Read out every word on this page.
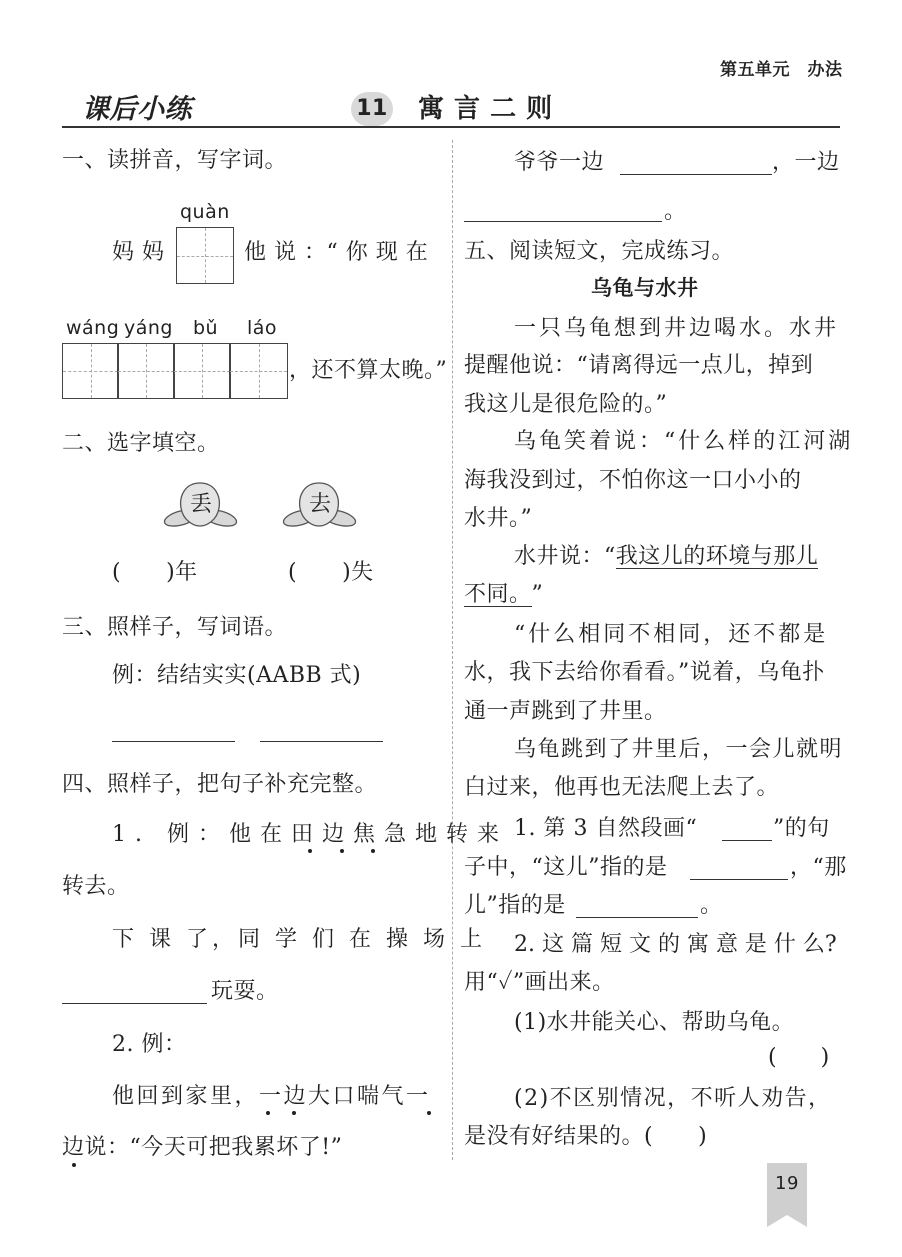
第五单元　办法
课后小练	11 寓 言 二 则
一、读拼音，写字词。
quàn
妈 妈	他 说 ：“ 你 现 在
wáng yáng bǔ láo
，还不算太晚。”
二、选字填空。
丢	去
(　　)年	(　　)失
三、照样子，写词语。
例：结结实实(AABB 式)
四、照样子，把句子补充完整。
1. 例：他在田边焦急地转来
转去。
下 课 了，同 学 们 在 操 场 上
玩耍。
2. 例：
他回到家里，一边大口喘气一
边说：“今天可把我累坏了!”
爷爷一边	，一边
。
五、阅读短文，完成练习。
乌龟与水井
一只乌龟想到井边喝水。水井
提醒他说：“请离得远一点儿，掉到
我这儿是很危险的。”
乌龟笑着说：“什么样的江河湖
海我没到过，不怕你这一口小小的
水井。”
水井说：“我这儿的环境与那儿
不同。”
“什么相同不相同，还不都是
水，我下去给你看看。”说着，乌龟扑
通一声跳到了井里。
乌龟跳到了井里后，一会儿就明
白过来，他再也无法爬上去了。
1. 第 3 自然段画“	”的句
子中，“这儿”指的是	，“那
儿”指的是	。
2. 这 篇 短 文 的 寓 意 是 什 么?
用“✓”画出来。
(1)水井能关心、帮助乌龟。
(　　)
(2)不区别情况，不听人劝告，
是没有好结果的。(　　)
19
